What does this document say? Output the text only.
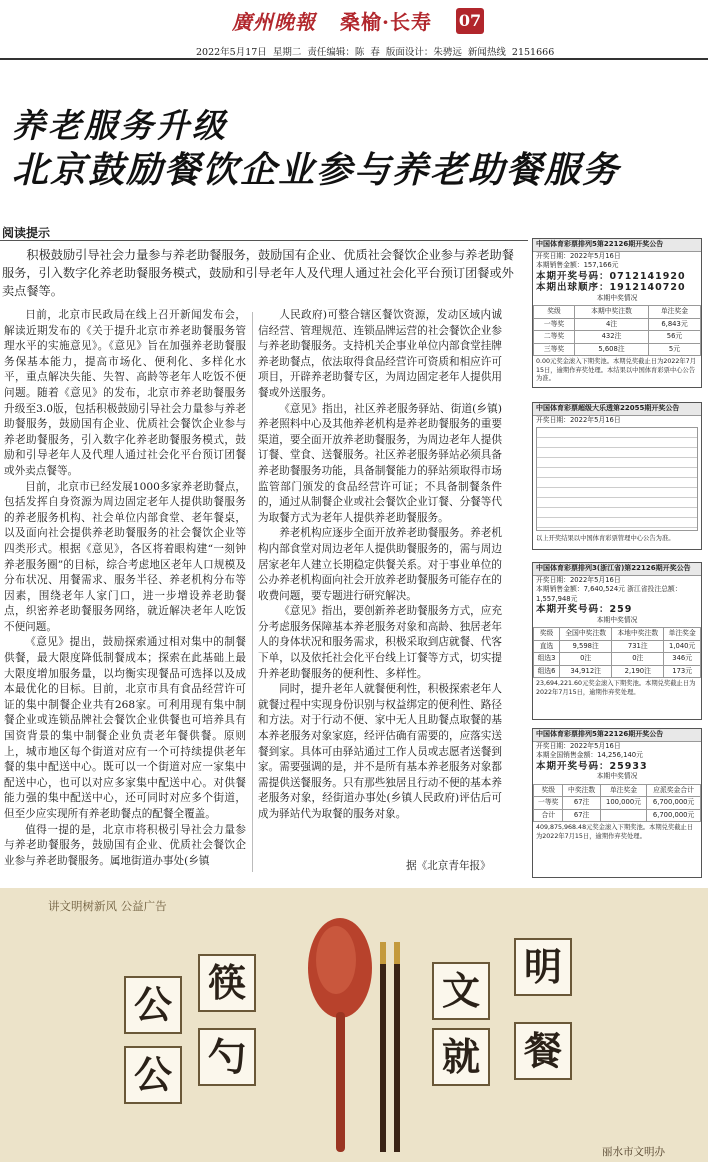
廣州晚報 桑榆·长寿 07
2022年5月17日 星期二 责任编辑：陈 春 版面设计：朱骋远 新闻热线 2151666
养老服务升级
北京鼓励餐饮企业参与养老助餐服务
阅读提示
积极鼓励引导社会力量参与养老助餐服务，鼓励国有企业、优质社会餐饮企业参与养老助餐服务，引入数字化养老助餐服务模式，鼓励和引导老年人及代理人通过社会化平台预订团餐或外卖点餐等。

日前，北京市民政局在线上召开新闻发布会，解读近期发布的《关于提升北京市养老助餐服务管理水平的实施意见》。《意见》旨在加强养老助餐服务保基本能力，提高市场化、便利化、多样化水平，重点解决失能、失智、高龄等老年人吃饭不便问题。随着《意见》的发布，北京市养老助餐服务升级至3.0版，包括积极鼓励引导社会力量参与养老助餐服务，鼓励国有企业、优质社会餐饮企业参与养老助餐服务，引入数字化养老助餐服务模式，鼓励和引导老年人及代理人通过社会化平台预订团餐或外卖点餐等。

目前，北京市已经发展1000多家养老助餐点，包括发挥自身资源为周边固定老年人提供助餐服务的养老服务机构、社会单位内部食堂、老年餐桌，以及面向社会提供养老助餐服务的社会餐饮企业等四类形式。根据《意见》，各区将着眼构建“一刻钟养老服务圈”的目标，综合考虑地区老年人口规模及分布状况、用餐需求、服务半径、养老机构分布等因素，围绕老年人家门口，进一步增设养老助餐点，织密养老助餐服务网络，就近解决老年人吃饭不便问题。

《意见》提出，鼓励探索通过相对集中的制餐供餐，最大限度降低制餐成本；探索在此基础上最大限度增加服务量，以均衡实现餐品可选择以及成本最优化的目标。目前，北京市具有食品经营许可证的集中制餐企业共有268家。可利用现有集中制餐企业或连锁品牌社会餐饮企业供餐也可培养具有国资背景的集中制餐企业负责老年餐供餐。原则上，城市地区每个街道对应有一个可持续提供老年餐的集中配送中心。既可以一个街道对应一家集中配送中心，也可以对应多家集中配送中心。对供餐能力强的集中配送中心，还可同时对应多个街道，但至少应实现所有养老助餐点的配餐全覆盖。

值得一提的是，北京市将积极引导社会力量参与养老助餐服务，鼓励国有企业、优质社会餐饮企业参与养老助餐服务。属地街道办事处(乡镇

人民政府)可整合辖区餐饮资源，发动区域内诚信经营、管理规范、连锁品牌运营的社会餐饮企业参与养老助餐服务。支持机关企事业单位内部食堂挂牌养老助餐点，依法取得食品经营许可资质和相应许可项目，开辟养老助餐专区，为周边固定老年人提供用餐或外送服务。

《意见》指出，社区养老服务驿站、街道(乡镇)养老照料中心及其他养老机构是养老助餐服务的重要渠道，要全面开放养老助餐服务，为周边老年人提供订餐、堂食、送餐服务。社区养老服务驿站必须具备养老助餐服务功能，具备制餐能力的驿站须取得市场监管部门颁发的食品经营许可证；不具备制餐条件的，通过从制餐企业或社会餐饮企业订餐、分餐等代为取餐方式为老年人提供养老助餐服务。

养老机构应逐步全面开放养老助餐服务。养老机构内部食堂对周边老年人提供助餐服务的，需与周边居家老年人建立长期稳定供餐关系。对于事业单位的公办养老机构面向社会开放养老助餐服务可能存在的收费问题，要专题进行研究解决。

《意见》指出，要创新养老助餐服务方式，应充分考虑服务保障基本养老服务对象和高龄、独居老年人的身体状况和服务需求，积极采取到店就餐、代客下单，以及依托社会化平台线上订餐等方式，切实提升养老助餐服务的便利性、多样性。

同时，提升老年人就餐便利性，积极探索老年人就餐过程中实现身份识别与权益绑定的便利性、路径和方法。对于行动不便、家中无人且助餐点取餐的基本养老服务对象家庭，经评估确有需要的，应落实送餐到家。具体可由驿站通过工作人员或志愿者送餐到家。需要强调的是，并不是所有基本养老服务对象都需提供送餐服务。只有那些独居且行动不便的基本养老服务对象，经街道办事处(乡镇人民政府)评估后可成为驿站代为取餐的服务对象。

据《北京青年报》
中国体育彩票排列5第22126期开奖公告
开奖日期：2022年5月16日
本期销售金额：157,166元
本期开奖号码：0712141920
本期出球顺序：1912140720
本期中奖情况
奖级	本期中奖注数	单注奖金
一等奖	4注	6,843元
二等奖	432注	56元
三等奖	5,608注	5元
0.00元奖金滚入下期奖池。本期兑奖截止日为2022年7月15日，逾期作弃奖处理。本结果以中国体育彩票中心公告为准。
中国体育彩票超级大乐透第22055期开奖公告
开奖日期：2022年5月16日
以上开奖结果以中国体育彩票管理中心公告为准。
中国体育彩票排列3(浙江省)第22126期开奖公告
开奖日期：2022年5月16日
本期销售金额：7,640,524元 浙江省投注总额：1,557,948元
本期开奖号码：259
本期中奖情况
奖级	全国中奖注数	本地中奖注数	单注奖金
直选	9,598注	731注	1,040元
组选3	0注	0注	346元
组选6	34,912注	2,190注	173元
23,694,221.60元奖金滚入下期奖池。本期兑奖截止日为2022年7月15日，逾期作弃奖处理。
中国体育彩票排列5第22126期开奖公告
开奖日期：2022年5月16日
本期全国销售金额：14,256,140元
本期开奖号码：25933
本期中奖情况
奖级	中奖注数	单注奖金	应派奖金合计
一等奖	67注	100,000元	6,700,000元
合计	67注		6,700,000元
409,875,968.48元奖金滚入下期奖池。本期兑奖截止日为2022年7月15日，逾期作弃奖处理。
讲文明树新风 公益广告
公 筷
公 勺
文
明
就 餐
丽水市文明办
